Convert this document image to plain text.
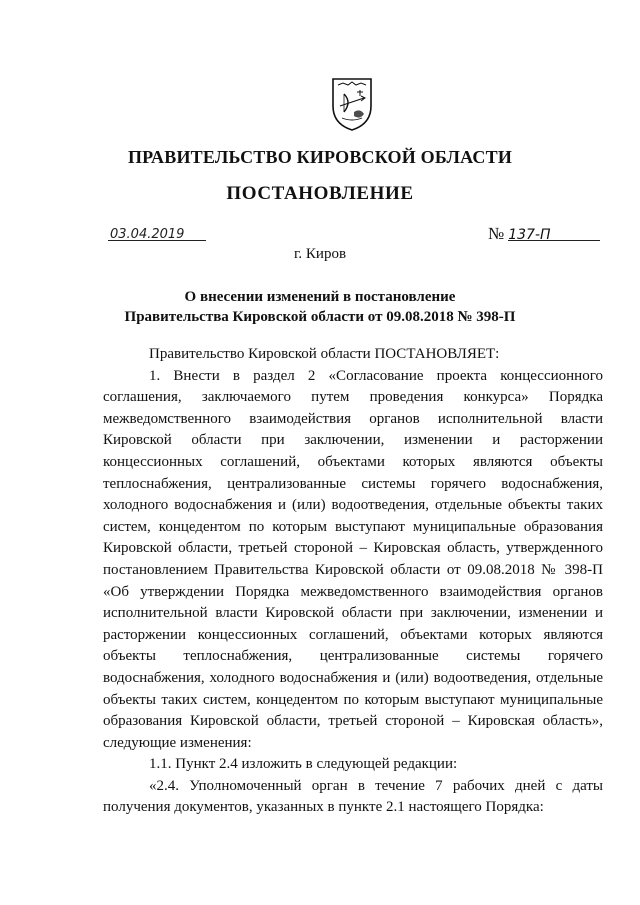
ПРАВИТЕЛЬСТВО КИРОВСКОЙ ОБЛАСТИ
ПОСТАНОВЛЕНИЕ
03.04.2019	№ 137-П
г. Киров
О внесении изменений в постановление
Правительства Кировской области от 09.08.2018 № 398-П

Правительство Кировской области ПОСТАНОВЛЯЕТ:

1. Внести в раздел 2 «Согласование проекта концессионного соглашения, заключаемого путем проведения конкурса» Порядка межведомственного взаимодействия органов исполнительной власти Кировской области при заключении, изменении и расторжении концессионных соглашений, объектами которых являются объекты теплоснабжения, централизованные системы горячего водоснабжения, холодного водоснабжения и (или) водоотведения, отдельные объекты таких систем, концедентом по которым выступают муниципальные образования Кировской области, третьей стороной – Кировская область, утвержденного постановлением Правительства Кировской области от 09.08.2018 № 398-П «Об утверждении Порядка межведомственного взаимодействия органов исполнительной власти Кировской области при заключении, изменении и расторжении концессионных соглашений, объектами которых являются объекты теплоснабжения, централизованные системы горячего водоснабжения, холодного водоснабжения и (или) водоотведения, отдельные объекты таких систем, концедентом по которым выступают муниципальные образования Кировской области, третьей стороной – Кировская область», следующие изменения:

1.1. Пункт 2.4 изложить в следующей редакции:

«2.4. Уполномоченный орган в течение 7 рабочих дней с даты получения документов, указанных в пункте 2.1 настоящего Порядка:
